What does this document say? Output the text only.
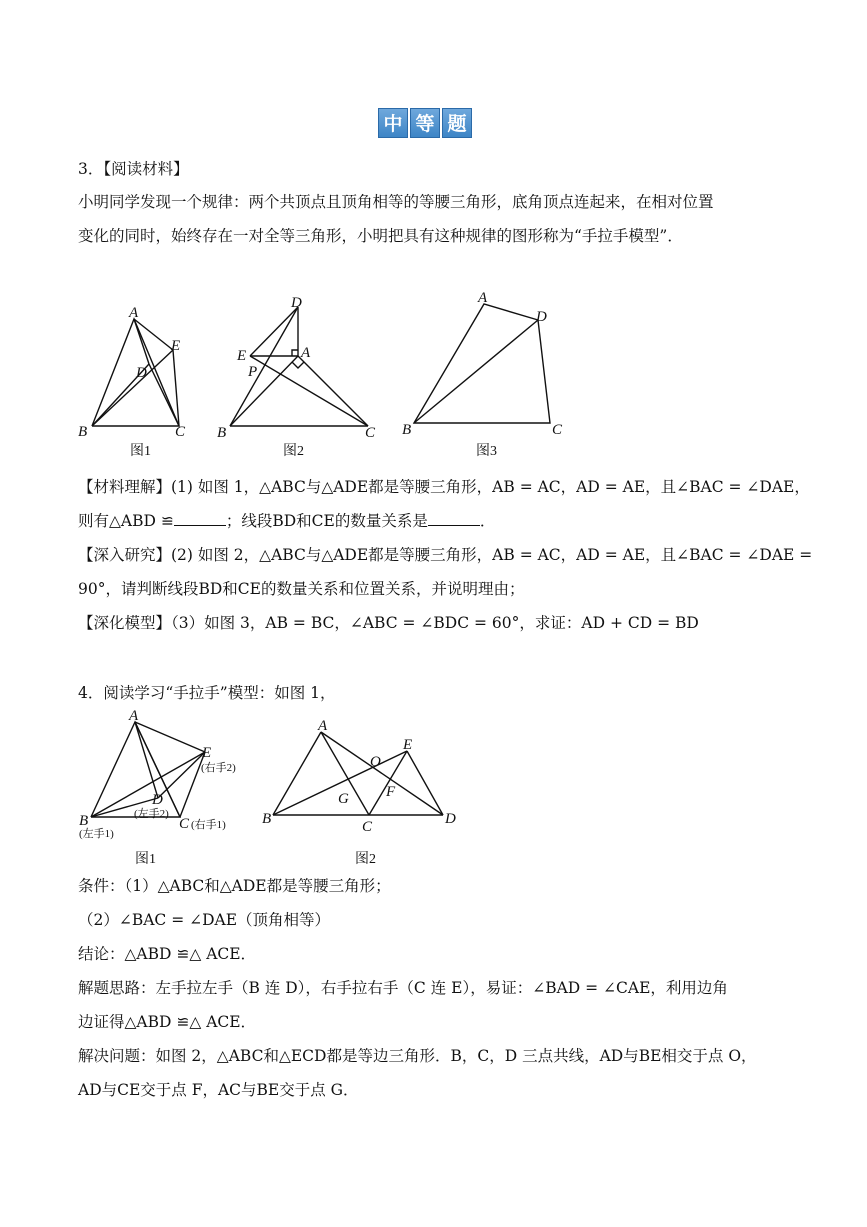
中 等 题
3．【阅读材料】
小明同学发现一个规律：两个共顶点且顶角相等的等腰三角形，底角顶点连起来，在相对位置
变化的同时，始终存在一对全等三角形，小明把具有这种规律的图形称为“手拉手模型”．
A
E
D
B	C
图1
D
E	A
P
B	C
图2
A
D
B	C
图3
【材料理解】(1) 如图 1，△ABC与△ADE都是等腰三角形，AB = AC，AD = AE，且∠BAC = ∠DAE，
则有△ABD ≌	；线段BD和CE的数量关系是	．
【深入研究】(2) 如图 2，△ABC与△ADE都是等腰三角形，AB = AC，AD = AE，且∠BAC = ∠DAE =
90°，请判断线段BD和CE的数量关系和位置关系，并说明理由；
【深化模型】（3）如图 3，AB = BC，∠ABC = ∠BDC = 60°，求证：AD + CD = BD
4．阅读学习“手拉手”模型：如图 1，
A
E
D
B	C
(右手2)
(左手2)
(左手1)
(右手1)
图1
A
E
O
G F
B	C	D
图2
条件：（1）△ABC和△ADE都是等腰三角形；
（2）∠BAC = ∠DAE（顶角相等）
结论：△ABD ≌△ ACE．
解题思路：左手拉左手（B 连 D），右手拉右手（C 连 E），易证：∠BAD = ∠CAE，利用边角
边证得△ABD ≌△ ACE．
解决问题：如图 2，△ABC和△ECD都是等边三角形．B，C，D 三点共线，AD与BE相交于点 O，
AD与CE交于点 F，AC与BE交于点 G．
